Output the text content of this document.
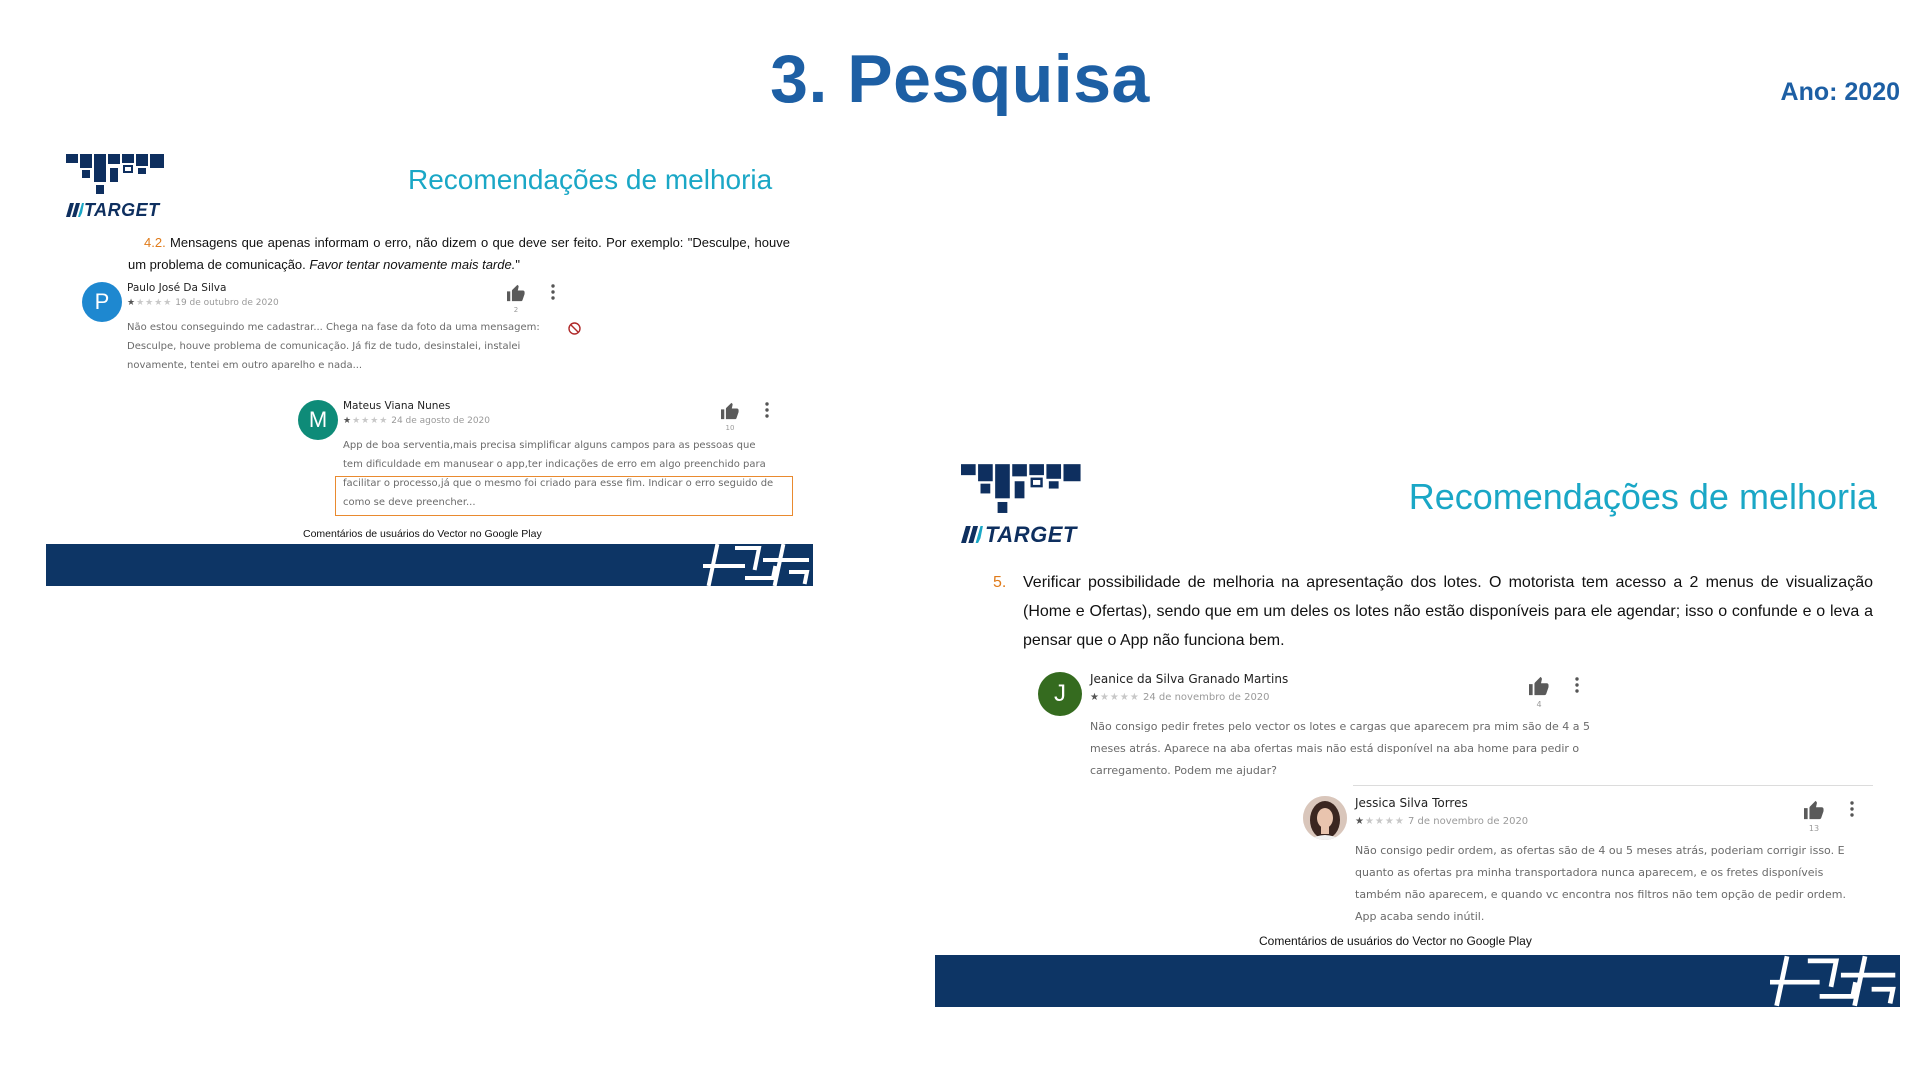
3. Pesquisa	Ano: 2020
TARGET
Recomendações de melhoria
4.2. Mensagens que apenas informam o erro, não dizem o que deve ser feito. Por exemplo: "Desculpe, houve um problema de comunicação. Favor tentar novamente mais tarde."
P
Paulo José Da Silva
★★★★★ 19 de outubro de 2020
Não estou conseguindo me cadastrar... Chega na fase da foto da uma mensagem: Desculpe, houve problema de comunicação. Já fiz de tudo, desinstalei, instalei novamente, tentei em outro aparelho e nada...
2
M
Mateus Viana Nunes
★★★★★ 24 de agosto de 2020
App de boa serventia,mais precisa simplificar alguns campos para as pessoas que tem dificuldade em manusear o app,ter indicações de erro em algo preenchido para facilitar o processo,já que o mesmo foi criado para esse fim. Indicar o erro seguido de como se deve preencher...
10
Comentários de usuários do Vector no Google Play	TARGET
Recomendações de melhoria
5. Verificar possibilidade de melhoria na apresentação dos lotes. O motorista tem acesso a 2 menus de visualização (Home e Ofertas), sendo que em um deles os lotes não estão disponíveis para ele agendar; isso o confunde e o leva a pensar que o App não funciona bem.
J
Jeanice da Silva Granado Martins
★★★★★ 24 de novembro de 2020
Não consigo pedir fretes pelo vector os lotes e cargas que aparecem pra mim são de 4 a 5 meses atrás. Aparece na aba ofertas mais não está disponível na aba home para pedir o carregamento. Podem me ajudar?
4
Jessica Silva Torres
★★★★★ 7 de novembro de 2020
Não consigo pedir ordem, as ofertas são de 4 ou 5 meses atrás, poderiam corrigir isso. E quanto as ofertas pra minha transportadora nunca aparecem, e os fretes disponíveis também não aparecem, e quando vc encontra nos filtros não tem opção de pedir ordem. App acaba sendo inútil.
13
Comentários de usuários do Vector no Google Play
